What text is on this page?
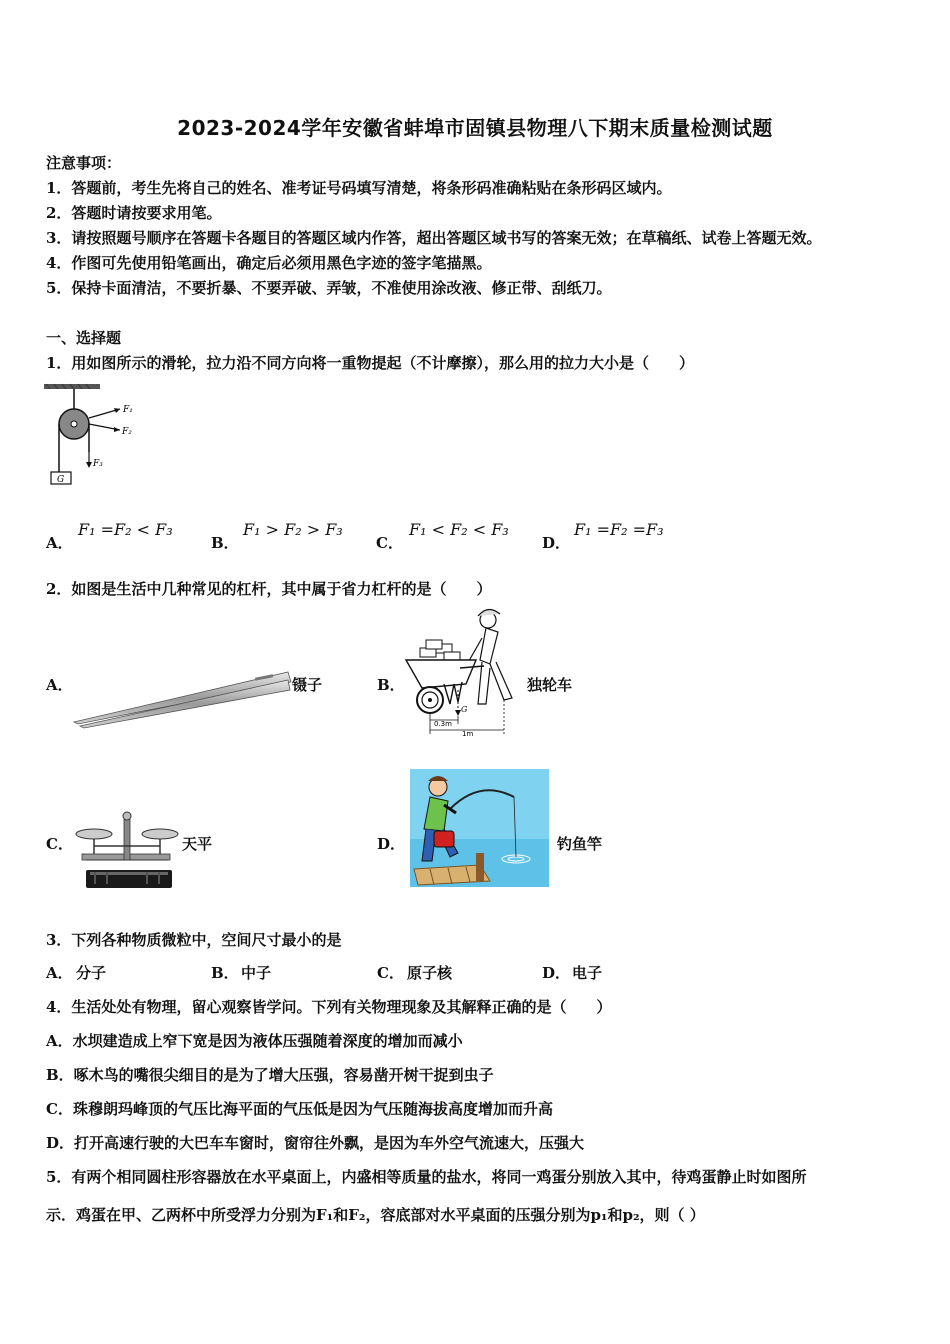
2023-2024学年安徽省蚌埠市固镇县物理八下期末质量检测试题
注意事项：
1．答题前，考生先将自己的姓名、准考证号码填写清楚，将条形码准确粘贴在条形码区域内。
2．答题时请按要求用笔。
3．请按照题号顺序在答题卡各题目的答题区域内作答，超出答题区域书写的答案无效；在草稿纸、试卷上答题无效。
4．作图可先使用铅笔画出，确定后必须用黑色字迹的签字笔描黑。
5．保持卡面清洁，不要折暴、不要弄破、弄皱，不准使用涂改液、修正带、刮纸刀。
一、选择题
1．用如图所示的滑轮，拉力沿不同方向将一重物提起（不计摩擦），那么用的拉力大小是（　　）
F₁
F₂
F₃
G
A．
F₁ =F₂ < F₃
B．
F₁ > F₂ > F₃
C．
F₁ < F₂ < F₃
D．
F₁ =F₂ =F₃
2．如图是生活中几种常见的杠杆，其中属于省力杠杆的是（　　）
A．	镊子	B．
G
0.3m
1m
独轮车
C．	天平	D．	钓鱼竿
3．下列各种物质微粒中，空间尺寸最小的是
A． 分子	B． 中子	C． 原子核	D． 电子
4．生活处处有物理，留心观察皆学问。下列有关物理现象及其解释正确的是（　　）
A．水坝建造成上窄下宽是因为液体压强随着深度的增加而减小
B．啄木鸟的嘴很尖细目的是为了增大压强，容易凿开树干捉到虫子
C．珠穆朗玛峰顶的气压比海平面的气压低是因为气压随海拔高度增加而升高
D．打开高速行驶的大巴车车窗时，窗帘往外飘，是因为车外空气流速大，压强大
5．有两个相同圆柱形容器放在水平桌面上，内盛相等质量的盐水，将同一鸡蛋分别放入其中，待鸡蛋静止时如图所
示．鸡蛋在甲、乙两杯中所受浮力分别为F₁和F₂，容底部对水平桌面的压强分别为p₁和p₂，则（ ）
